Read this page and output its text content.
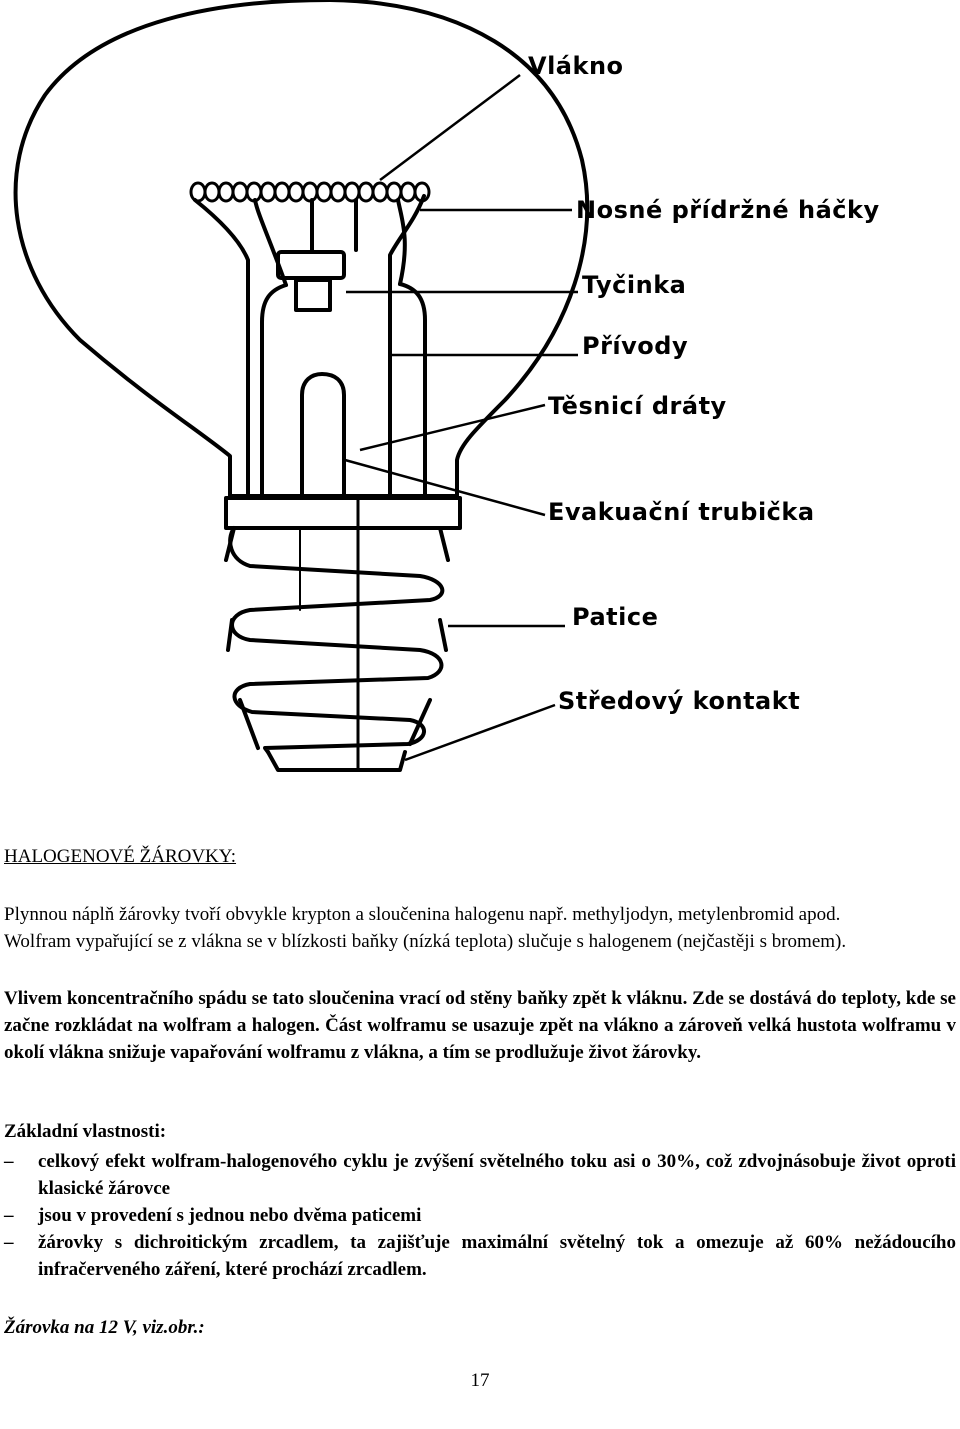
Vlákno
Nosné přídržné háčky
Tyčinka
Přívody
Těsnicí dráty
Evakuační trubička
Patice
Středový kontakt
HALOGENOVÉ ŽÁROVKY:

Plynnou náplň žárovky tvoří obvykle krypton a sloučenina halogenu např. methyljodyn, metylenbromid apod.

Wolfram vypařující se z vlákna se v blízkosti baňky (nízká teplota) slučuje s halogenem (nejčastěji s bromem).

Vlivem koncentračního spádu se tato sloučenina vrací od stěny baňky zpět k vláknu. Zde se dostává do teploty, kde se začne rozkládat na wolfram a halogen. Část wolframu se usazuje zpět na vlákno a zároveň velká hustota wolframu v okolí vlákna snižuje vapařování wolframu z vlákna, a tím se prodlužuje život žárovky.

Základní vlastnosti:
– celkový efekt wolfram-halogenového cyklu je zvýšení světelného toku asi o 30%, což zdvojnásobuje život oproti klasické žárovce
– jsou v provedení s jednou nebo dvěma paticemi
– žárovky s dichroitickým zrcadlem, ta zajišťuje maximální světelný tok a omezuje až 60% nežádoucího infračerveného záření, které prochází zrcadlem.
Žárovka na 12 V, viz.obr.:
17
